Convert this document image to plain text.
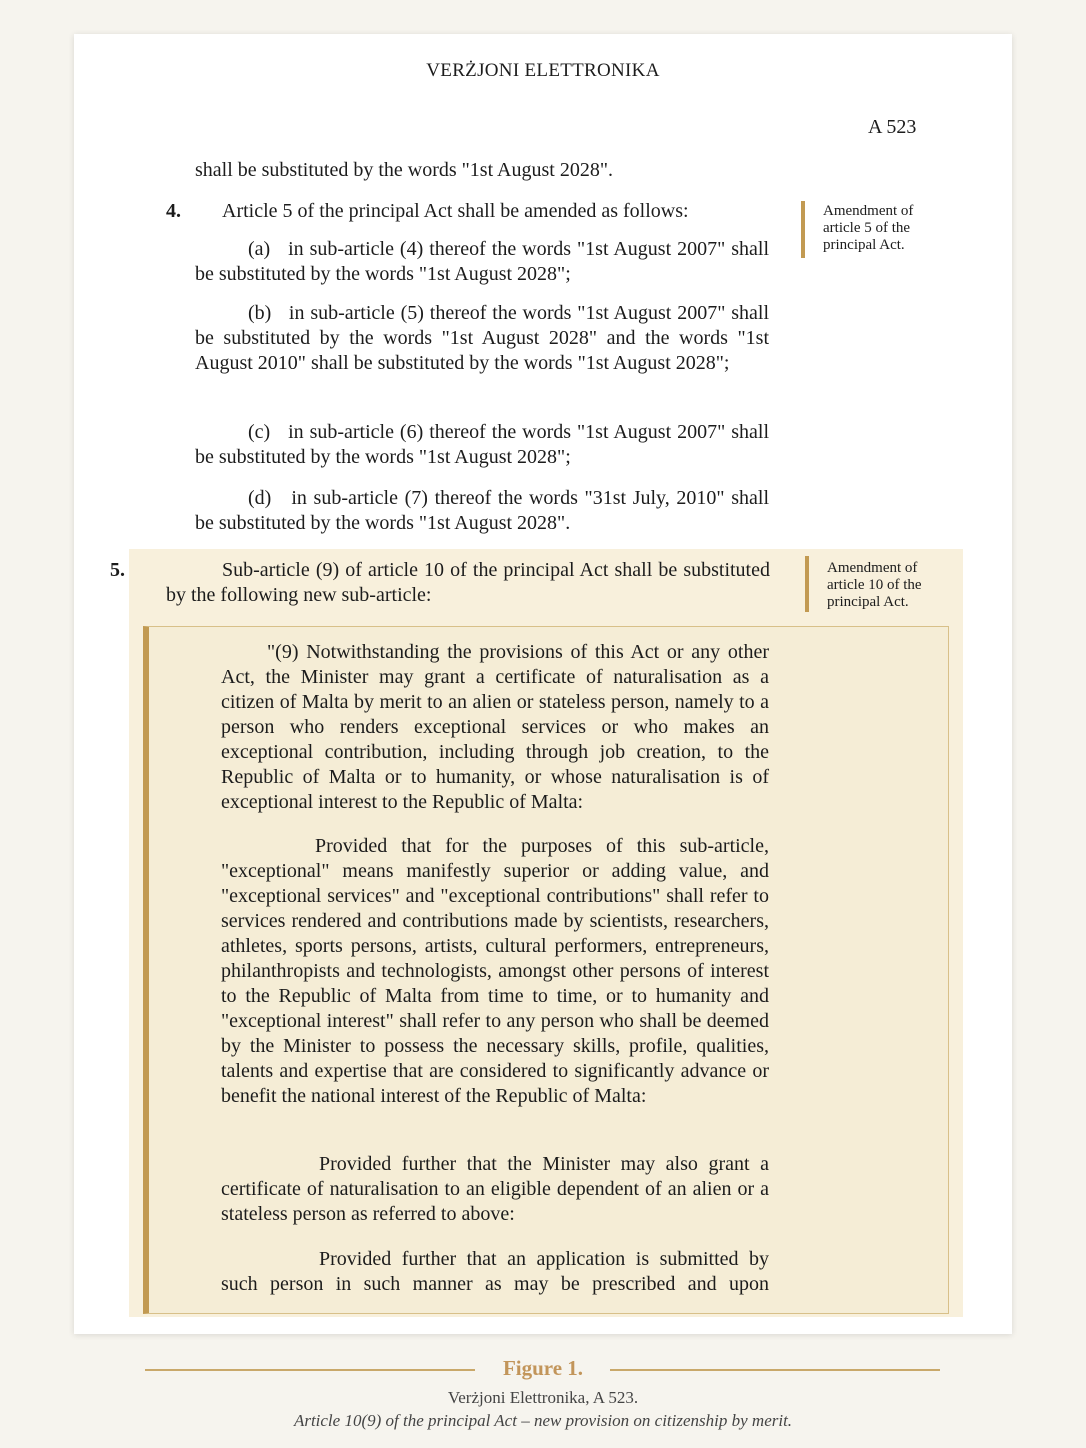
VERŻJONI ELETTRONIKA
A 523
shall be substituted by the words "1st August 2028".
4. Article 5 of the principal Act shall be amended as follows:
(a) in sub-article (4) thereof the words "1st August 2007" shall be substituted by the words "1st August 2028";
(b) in sub-article (5) thereof the words "1st August 2007" shall be substituted by the words "1st August 2028" and the words "1st August 2010" shall be substituted by the words "1st August 2028";
(c) in sub-article (6) thereof the words "1st August 2007" shall be substituted by the words "1st August 2028";
(d) in sub-article (7) thereof the words "31st July, 2010" shall be substituted by the words "1st August 2028".
Amendment of
article 5 of the
principal Act.
5.	Sub-article (9) of article 10 of the principal Act shall be substituted by the following new sub-article:
Amendment of
article 10 of the
principal Act.
"(9) Notwithstanding the provisions of this Act or any other Act, the Minister may grant a certificate of naturalisation as a citizen of Malta by merit to an alien or stateless person, namely to a person who renders exceptional services or who makes an exceptional contribution, including through job creation, to the Republic of Malta or to humanity, or whose naturalisation is of exceptional interest to the Republic of Malta:
Provided that for the purposes of this sub-article, "exceptional" means manifestly superior or adding value, and "exceptional services" and "exceptional contributions" shall refer to services rendered and contributions made by scientists, researchers, athletes, sports persons, artists, cultural performers, entrepreneurs, philanthropists and technologists, amongst other persons of interest to the Republic of Malta from time to time, or to humanity and "exceptional interest" shall refer to any person who shall be deemed by the Minister to possess the necessary skills, profile, qualities, talents and expertise that are considered to significantly advance or benefit the national interest of the Republic of Malta:
Provided further that the Minister may also grant a certificate of naturalisation to an eligible dependent of an alien or a stateless person as referred to above:
Provided further that an application is submitted by such person in such manner as may be prescribed and upon
Figure 1.
Verżjoni Elettronika, A 523.
Article 10(9) of the principal Act – new provision on citizenship by merit.
